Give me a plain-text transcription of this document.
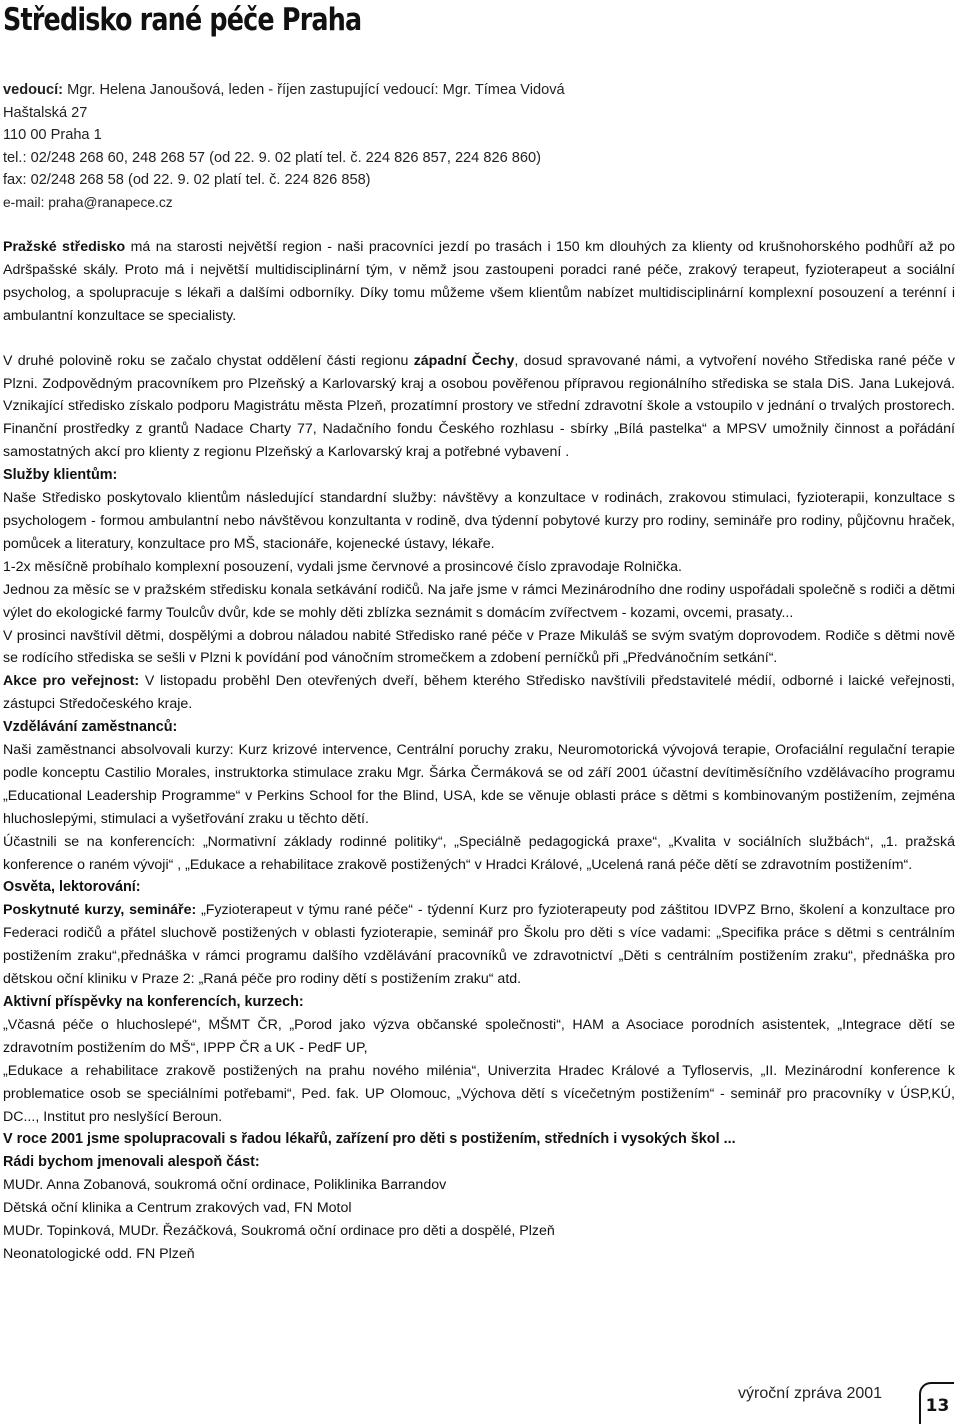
Středisko rané péče Praha
vedoucí: Mgr. Helena Janoušová, leden - říjen zastupující vedoucí: Mgr. Tímea Vidová
Haštalská 27
110 00 Praha 1
tel.: 02/248 268 60, 248 268 57 (od 22. 9. 02 platí tel. č. 224 826 857, 224 826 860)
fax: 02/248 268 58 (od 22. 9. 02 platí tel. č. 224 826 858)
e-mail: praha@ranapece.cz

Pražské středisko má na starosti největší region - naši pracovníci jezdí po trasách i 150 km dlouhých za klienty od krušnohorského podhůří až po Adršpašské skály. Proto má i největší multidisciplinární tým, v němž jsou zastoupeni poradci rané péče, zrakový terapeut, fyzioterapeut a sociální psycholog, a spolupracuje s lékaři a dalšími odborníky. Díky tomu můžeme všem klientům nabízet multidisciplinární komplexní posouzení a terénní i ambulantní konzultace se specialisty.

V druhé polovině roku se začalo chystat oddělení části regionu západní Čechy, dosud spravované námi, a vytvoření nového Střediska rané péče v Plzni. Zodpovědným pracovníkem pro Plzeňský a Karlovarský kraj a osobou pověřenou přípravou regionálního střediska se stala DiS. Jana Lukejová. Vznikající středisko získalo podporu Magistrátu města Plzeň, prozatímní prostory ve střední zdravotní škole a vstoupilo v jednání o trvalých prostorech. Finanční prostředky z grantů Nadace Charty 77, Nadačního fondu Českého rozhlasu - sbírky „Bílá pastelka“ a MPSV umožnily činnost a pořádání samostatných akcí pro klienty z regionu Plzeňský a Karlovarský kraj a potřebné vybavení .

Služby klientům:

Naše Středisko poskytovalo klientům následující standardní služby: návštěvy a konzultace v rodinách, zrakovou stimulaci, fyzioterapii, konzultace s psychologem - formou ambulantní nebo návštěvou konzultanta v rodině, dva týdenní pobytové kurzy pro rodiny, semináře pro rodiny, půjčovnu hraček, pomůcek a literatury, konzultace pro MŠ, stacionáře, kojenecké ústavy, lékaře.

1-2x měsíčně probíhalo komplexní posouzení, vydali jsme červnové a prosincové číslo zpravodaje Rolnička.

Jednou za měsíc se v pražském středisku konala setkávání rodičů. Na jaře jsme v rámci Mezinárodního dne rodiny uspořádali společně s rodiči a dětmi výlet do ekologické farmy Toulcův dvůr, kde se mohly děti zblízka seznámit s domácím zvířectvem - kozami, ovcemi, prasaty...

V prosinci navštívil dětmi, dospělými a dobrou náladou nabité Středisko rané péče v Praze Mikuláš se svým svatým doprovodem. Rodiče s dětmi nově se rodícího střediska se sešli v Plzni k povídání pod vánočním stromečkem a zdobení perníčků při „Předvánočním setkání“.

Akce pro veřejnost: V listopadu proběhl Den otevřených dveří, během kterého Středisko navštívili představitelé médií, odborné i laické veřejnosti, zástupci Středočeského kraje.

Vzdělávání zaměstnanců:

Naši zaměstnanci absolvovali kurzy: Kurz krizové intervence, Centrální poruchy zraku, Neuromotorická vývojová terapie, Orofaciální regulační terapie podle konceptu Castilio Morales, instruktorka stimulace zraku Mgr. Šárka Čermáková se od září 2001 účastní devítiměsíčního vzdělávacího programu „Educational Leadership Programme“ v Perkins School for the Blind, USA, kde se věnuje oblasti práce s dětmi s kombinovaným postižením, zejména hluchoslepými, stimulaci a vyšetřování zraku u těchto dětí.

Účastnili se na konferencích: „Normativní základy rodinné politiky“, „Speciálně pedagogická praxe“, „Kvalita v sociálních službách“, „1. pražská konference o raném vývoji“ , „Edukace a rehabilitace zrakově postižených“ v Hradci Králové, „Ucelená raná péče dětí se zdravotním postižením“.

Osvěta, lektorování:

Poskytnuté kurzy, semináře: „Fyzioterapeut v týmu rané péče“ - týdenní Kurz pro fyzioterapeuty pod záštitou IDVPZ Brno, školení a konzultace pro Federaci rodičů a přátel sluchově postižených v oblasti fyzioterapie, seminář pro Školu pro děti s více vadami: „Specifika práce s dětmi s centrálním postižením zraku“,přednáška v rámci programu dalšího vzdělávání pracovníků ve zdravotnictví „Děti s centrálním postižením zraku“, přednáška pro dětskou oční kliniku v Praze 2: „Raná péče pro rodiny dětí s postižením zraku“ atd.

Aktivní příspěvky na konferencích, kurzech:

„Včasná péče o hluchoslepé“, MŠMT ČR, „Porod jako výzva občanské společnosti“, HAM a Asociace porodních asistentek, „Integrace dětí se zdravotním postižením do MŠ“, IPPP ČR a UK - PedF UP,

„Edukace a rehabilitace zrakově postižených na prahu nového milénia“, Univerzita Hradec Králové a Tyfloservis, „II. Mezinárodní konference k problematice osob se speciálními potřebami“, Ped. fak. UP Olomouc, „Výchova dětí s vícečetným postižením“ - seminář pro pracovníky v ÚSP,KÚ, DC..., Institut pro neslyšící Beroun.

V roce 2001 jsme spolupracovali s řadou lékařů, zařízení pro děti s postižením, středních i vysokých škol ...
Rádi bychom jmenovali alespoň část:

MUDr. Anna Zobanová, soukromá oční ordinace, Poliklinika Barrandov

Dětská oční klinika a Centrum zrakových vad, FN Motol

MUDr. Topinková, MUDr. Řezáčková, Soukromá oční ordinace pro děti a dospělé, Plzeň

Neonatologické odd. FN Plzeň

výroční zpráva 2001
13
